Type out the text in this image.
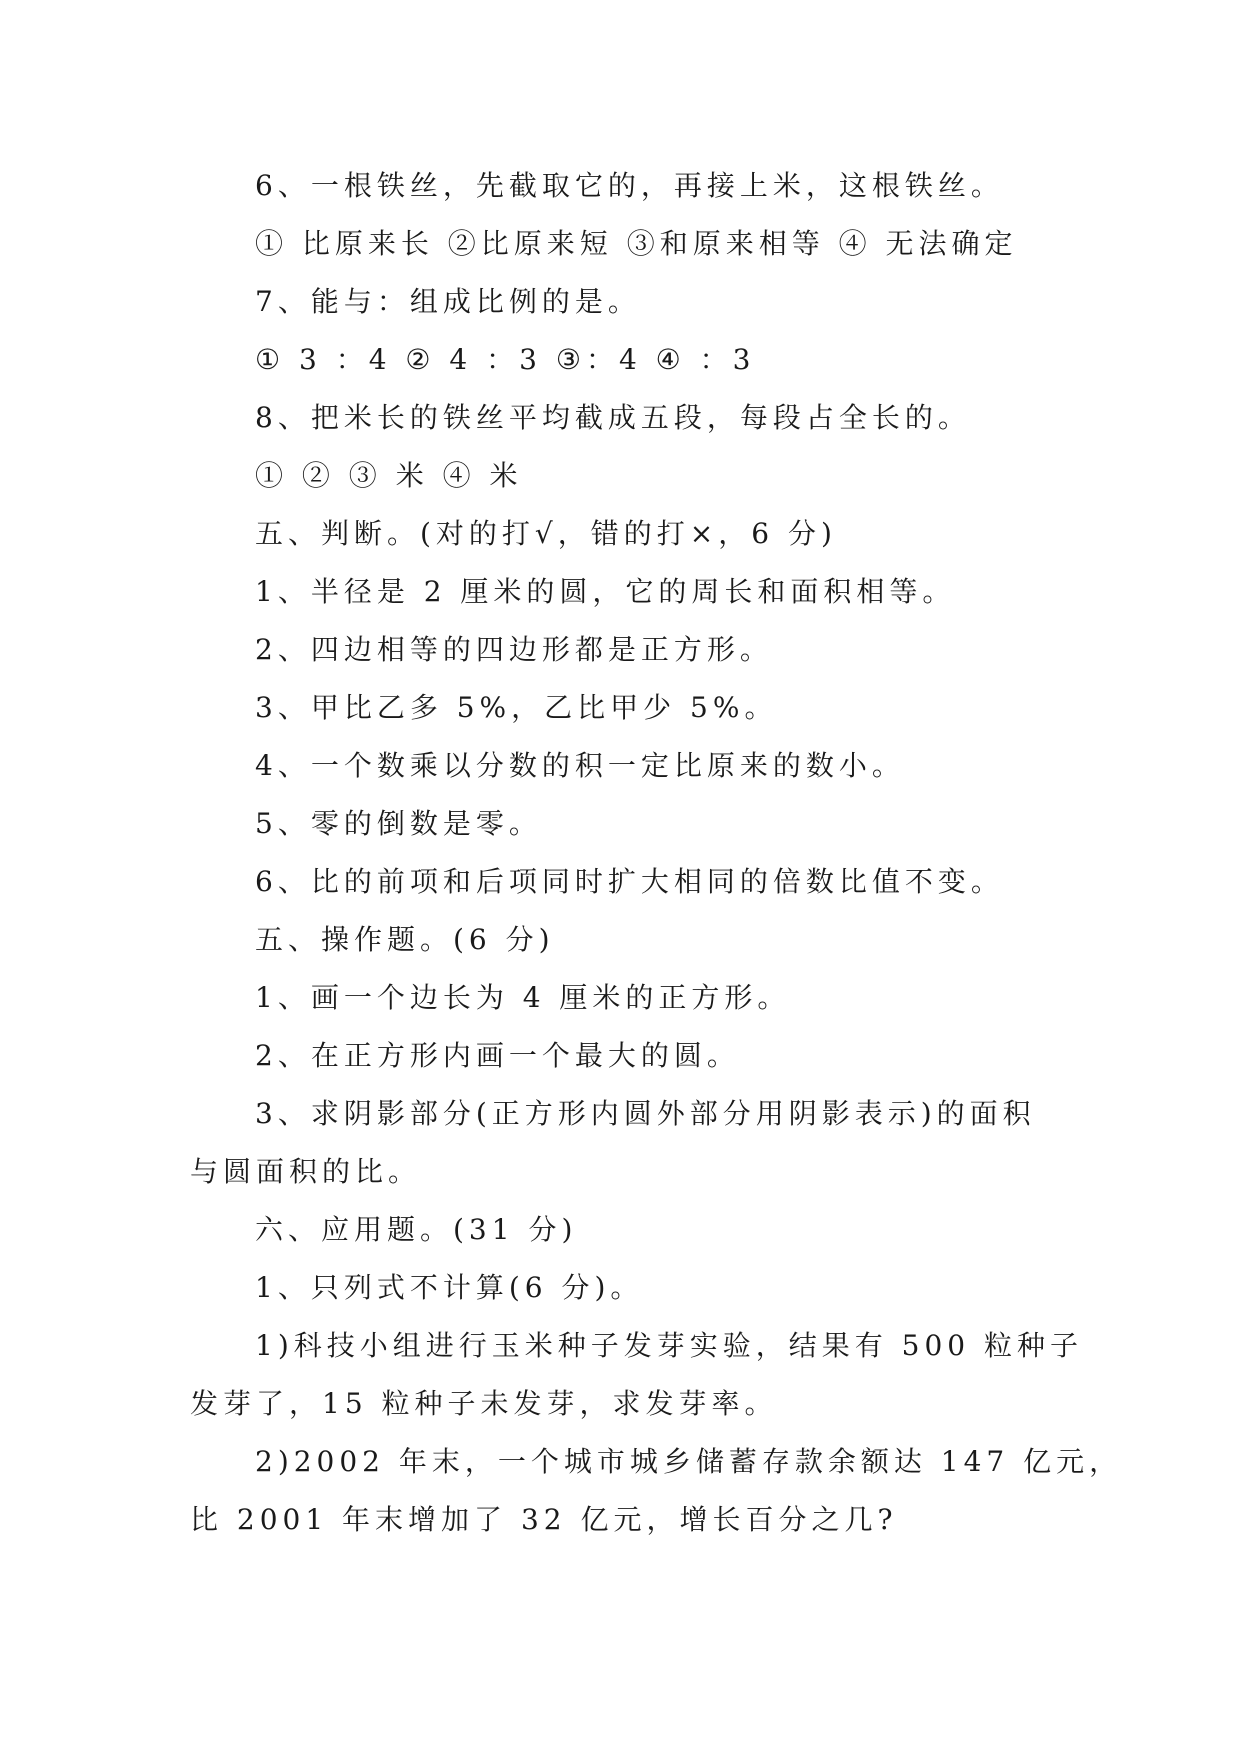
6、一根铁丝，先截取它的，再接上米，这根铁丝。
① 比原来长 ②比原来短 ③和原来相等 ④ 无法确定
7、能与：组成比例的是。
① 3 ：4 ② 4 ：3 ③：4 ④ ：3
8、把米长的铁丝平均截成五段，每段占全长的。
① ② ③ 米 ④ 米
五、判断。(对的打√，错的打×，6 分)
1、半径是 2 厘米的圆，它的周长和面积相等。
2、四边相等的四边形都是正方形。
3、甲比乙多 5%，乙比甲少 5%。
4、一个数乘以分数的积一定比原来的数小。
5、零的倒数是零。
6、比的前项和后项同时扩大相同的倍数比值不变。
五、操作题。(6 分)
1、画一个边长为 4 厘米的正方形。
2、在正方形内画一个最大的圆。
3、求阴影部分(正方形内圆外部分用阴影表示)的面积
与圆面积的比。
六、应用题。(31 分)
1、只列式不计算(6 分)。
1)科技小组进行玉米种子发芽实验，结果有 500 粒种子
发芽了，15 粒种子未发芽，求发芽率。
2)2002 年末，一个城市城乡储蓄存款余额达 147 亿元，
比 2001 年末增加了 32 亿元，增长百分之几?
